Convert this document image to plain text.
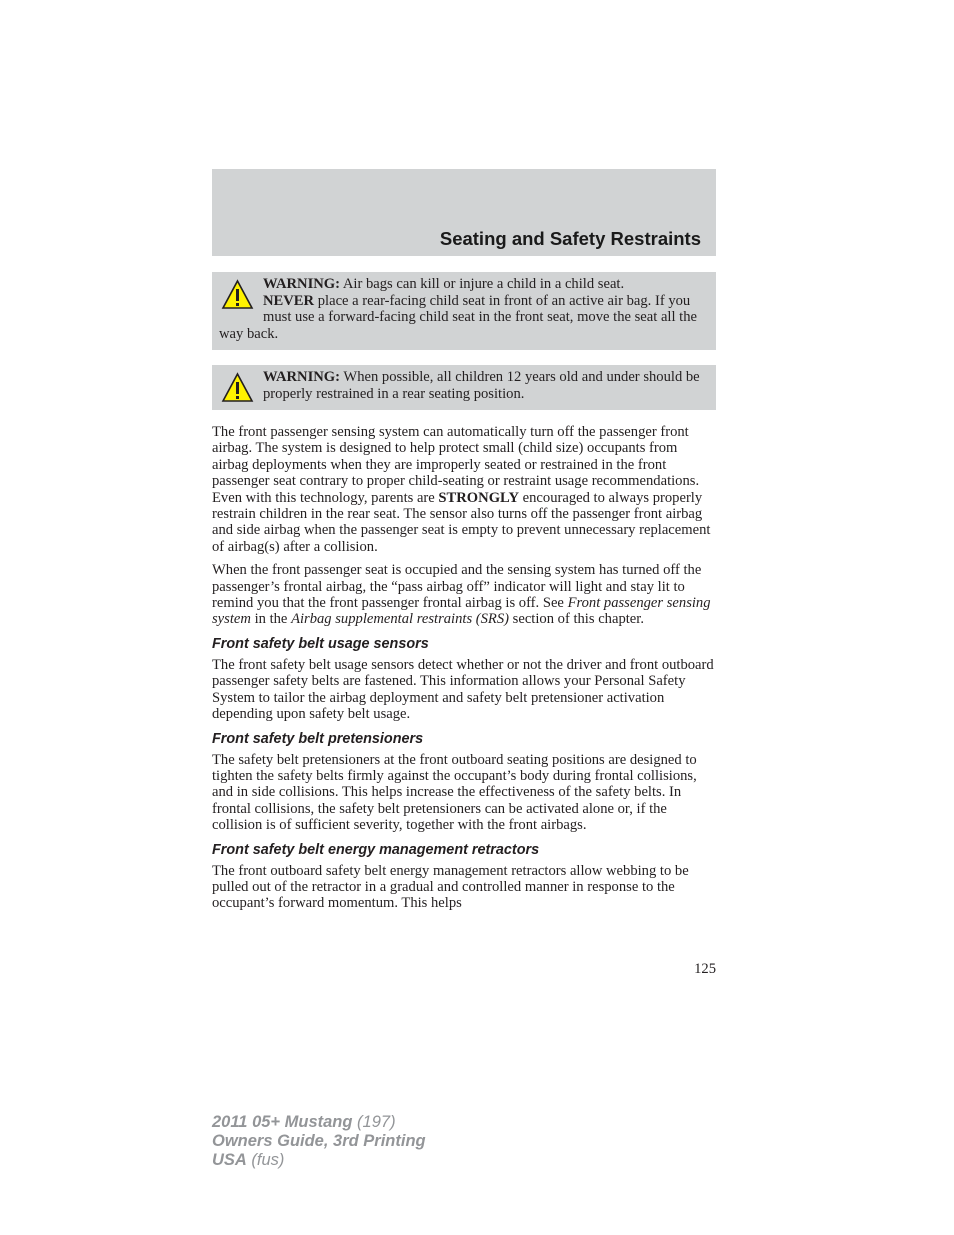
Seating and Safety Restraints
WARNING: Air bags can kill or injure a child in a child seat.
NEVER place a rear-facing child seat in front of an active air bag. If you must use a forward-facing child seat in the front seat, move the seat all the way back.
WARNING: When possible, all children 12 years old and under should be properly restrained in a rear seating position.

The front passenger sensing system can automatically turn off the passenger front airbag. The system is designed to help protect small (child size) occupants from airbag deployments when they are improperly seated or restrained in the front passenger seat contrary to proper child-seating or restraint usage recommendations. Even with this technology, parents are STRONGLY encouraged to always properly restrain children in the rear seat. The sensor also turns off the passenger front airbag and side airbag when the passenger seat is empty to prevent unnecessary replacement of airbag(s) after a collision.

When the front passenger seat is occupied and the sensing system has turned off the passenger’s frontal airbag, the “pass airbag off” indicator will light and stay lit to remind you that the front passenger frontal airbag is off. See Front passenger sensing system in the Airbag supplemental restraints (SRS) section of this chapter.

Front safety belt usage sensors

The front safety belt usage sensors detect whether or not the driver and front outboard passenger safety belts are fastened. This information allows your Personal Safety System to tailor the airbag deployment and safety belt pretensioner activation depending upon safety belt usage.

Front safety belt pretensioners

The safety belt pretensioners at the front outboard seating positions are designed to tighten the safety belts firmly against the occupant’s body during frontal collisions, and in side collisions. This helps increase the effectiveness of the safety belts. In frontal collisions, the safety belt pretensioners can be activated alone or, if the collision is of sufficient severity, together with the front airbags.

Front safety belt energy management retractors

The front outboard safety belt energy management retractors allow webbing to be pulled out of the retractor in a gradual and controlled manner in response to the occupant’s forward momentum. This helps

125
2011 05+ Mustang (197)
Owners Guide, 3rd Printing
USA (fus)
